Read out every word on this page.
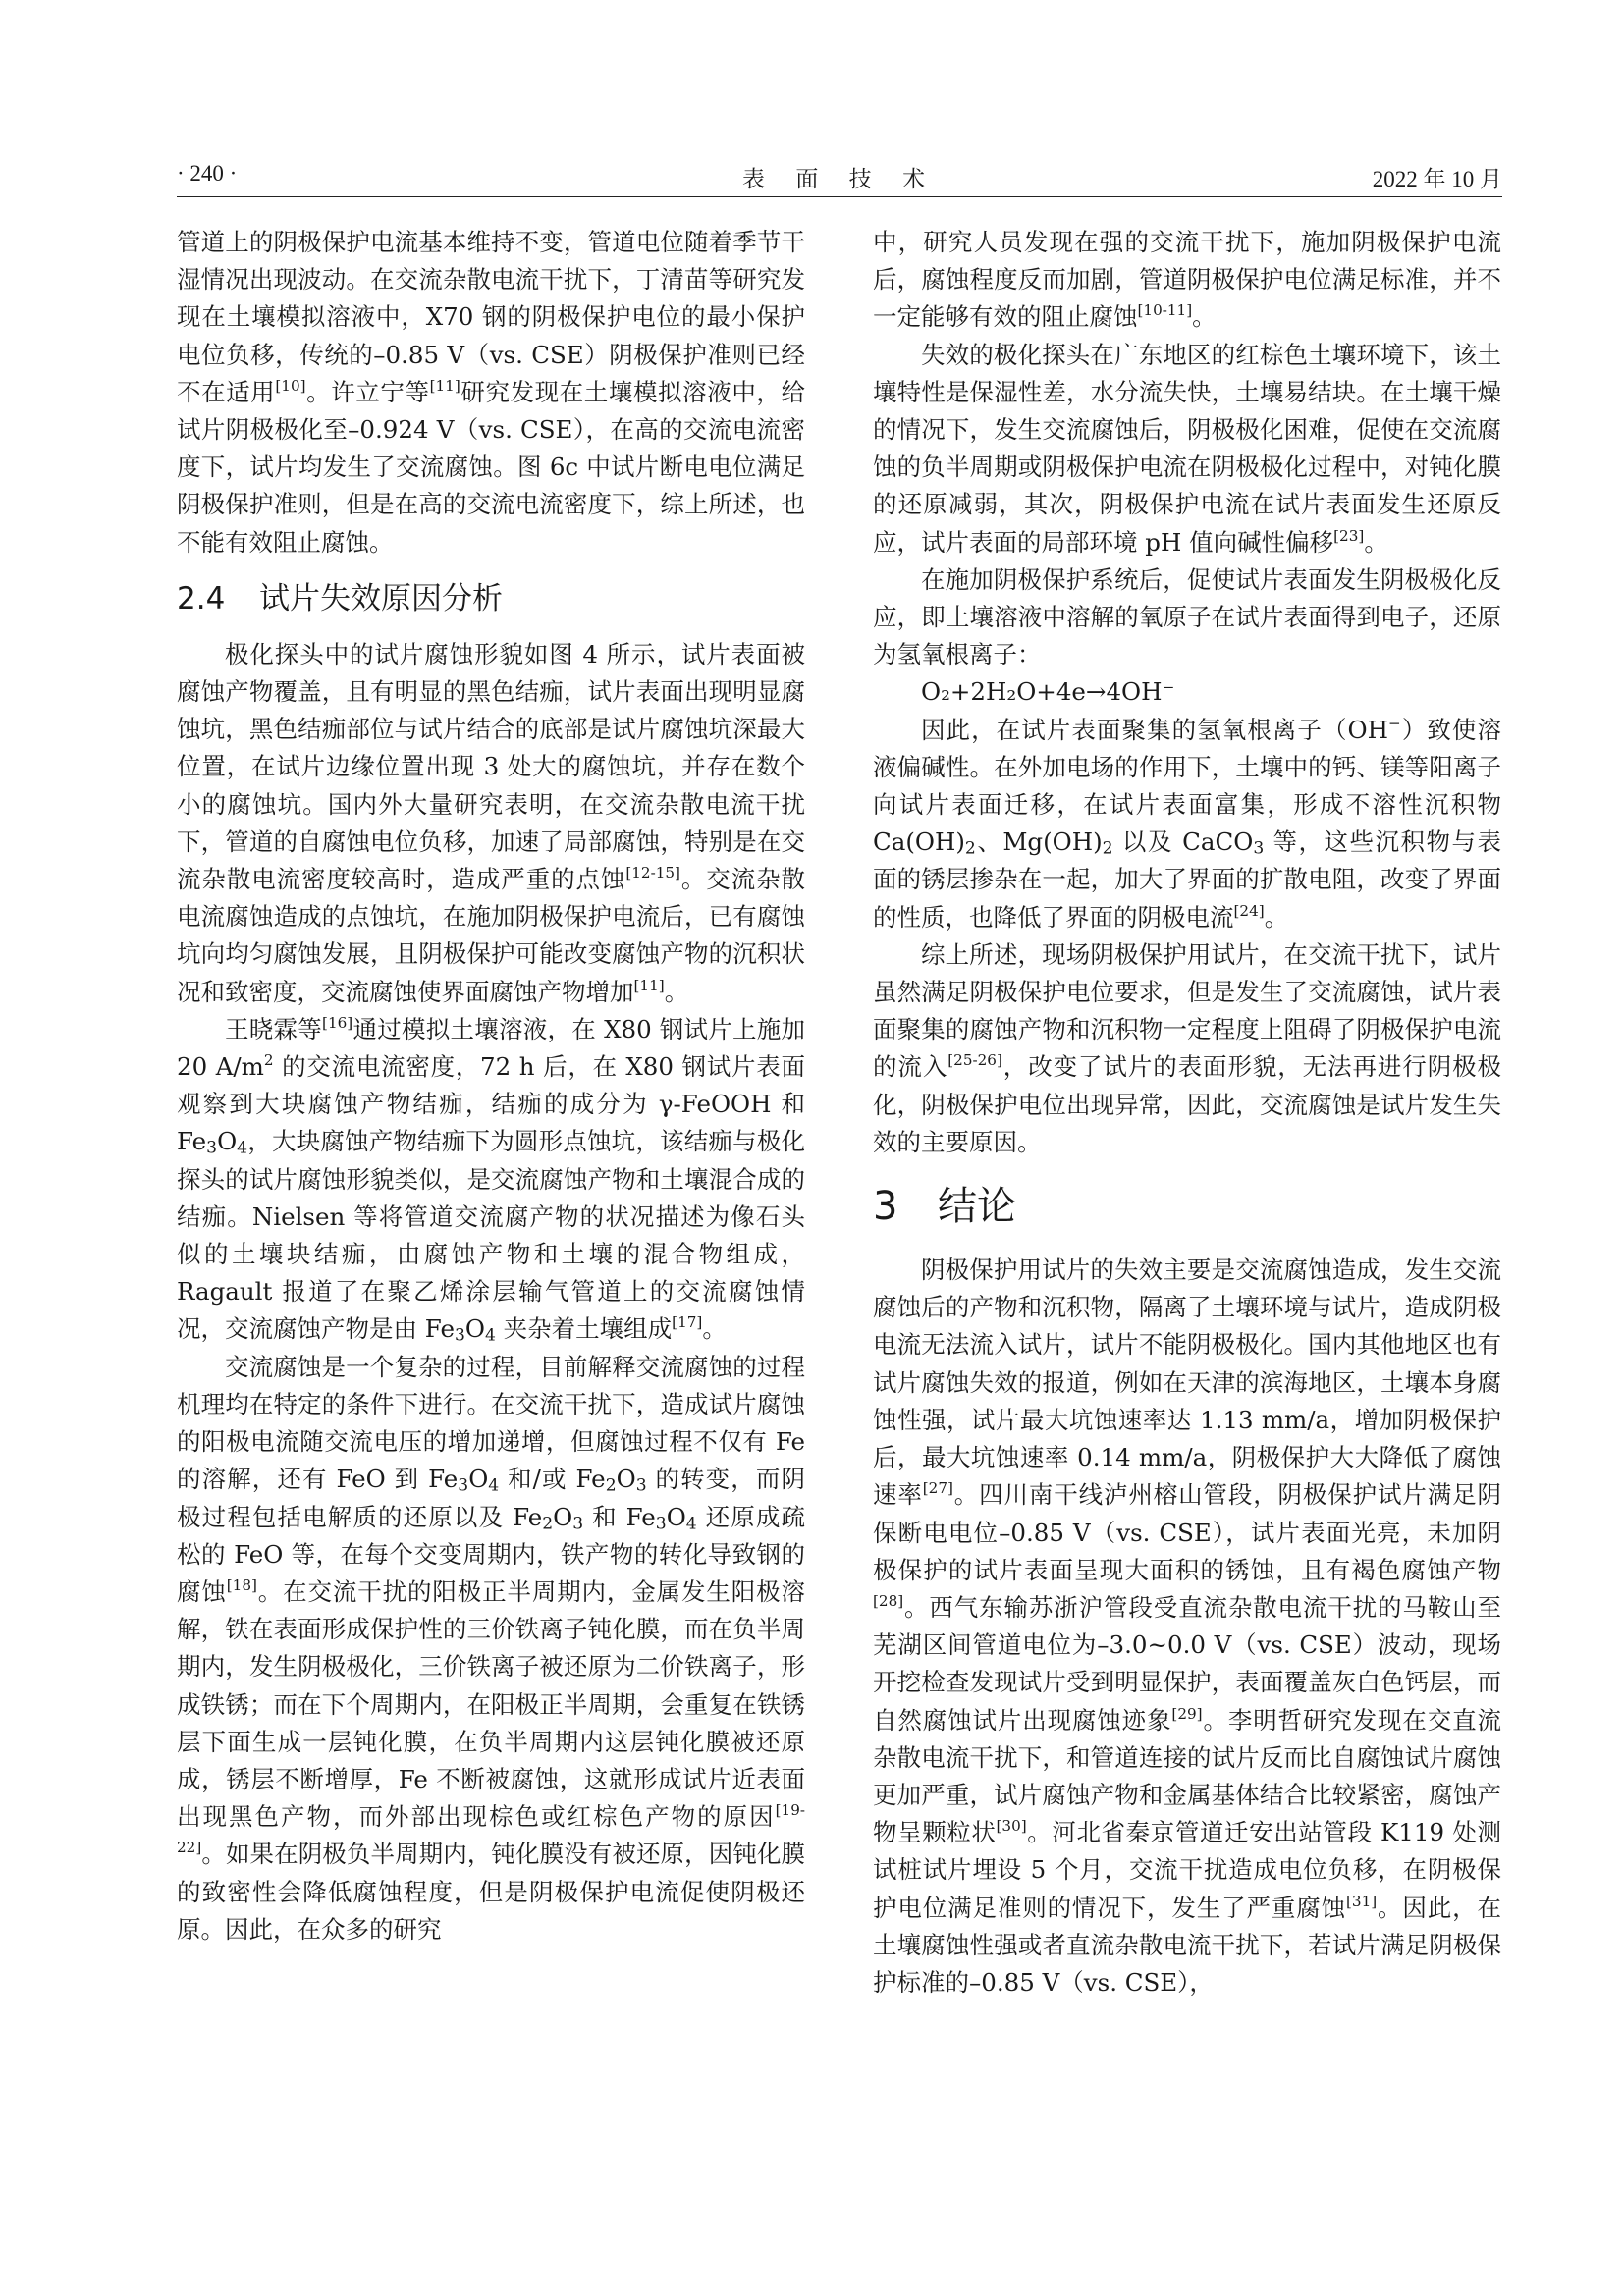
· 240 ·	表 面 技 术	2022 年 10 月

管道上的阴极保护电流基本维持不变，管道电位随着季节干湿情况出现波动。在交流杂散电流干扰下，丁清苗等研究发现在土壤模拟溶液中，X70 钢的阴极保护电位的最小保护电位负移，传统的–0.85 V（vs. CSE）阴极保护准则已经不在适用[10]。许立宁等[11]研究发现在土壤模拟溶液中，给试片阴极极化至–0.924 V（vs. CSE），在高的交流电流密度下，试片均发生了交流腐蚀。图 6c 中试片断电电位满足阴极保护准则，但是在高的交流电流密度下，综上所述，也不能有效阻止腐蚀。

2.4 试片失效原因分析

极化探头中的试片腐蚀形貌如图 4 所示，试片表面被腐蚀产物覆盖，且有明显的黑色结痂，试片表面出现明显腐蚀坑，黑色结痂部位与试片结合的底部是试片腐蚀坑深最大位置，在试片边缘位置出现 3 处大的腐蚀坑，并存在数个小的腐蚀坑。国内外大量研究表明，在交流杂散电流干扰下，管道的自腐蚀电位负移，加速了局部腐蚀，特别是在交流杂散电流密度较高时，造成严重的点蚀[12-15]。交流杂散电流腐蚀造成的点蚀坑，在施加阴极保护电流后，已有腐蚀坑向均匀腐蚀发展，且阴极保护可能改变腐蚀产物的沉积状况和致密度，交流腐蚀使界面腐蚀产物增加[11]。

王晓霖等[16]通过模拟土壤溶液，在 X80 钢试片上施加 20 $A/m^2$ 的交流电流密度，72 h 后，在 X80 钢试片表面观察到大块腐蚀产物结痂，结痂的成分为 γ-FeOOH 和 $Fe_3O_4$，大块腐蚀产物结痂下为圆形点蚀坑，该结痂与极化探头的试片腐蚀形貌类似，是交流腐蚀产物和土壤混合成的结痂。Nielsen 等将管道交流腐产物的状况描述为像石头似的土壤块结痂，由腐蚀产物和土壤的混合物组成，Ragault 报道了在聚乙烯涂层输气管道上的交流腐蚀情况，交流腐蚀产物是由 $Fe_3O_4$ 夹杂着土壤组成[17]。

交流腐蚀是一个复杂的过程，目前解释交流腐蚀的过程机理均在特定的条件下进行。在交流干扰下，造成试片腐蚀的阳极电流随交流电压的增加递增，但腐蚀过程不仅有 Fe 的溶解，还有 FeO 到 $Fe_3O_4$ 和/或 $Fe_2O_3$ 的转变，而阴极过程包括电解质的还原以及 $Fe_2O_3$ 和 $Fe_3O_4$ 还原成疏松的 FeO 等，在每个交变周期内，铁产物的转化导致钢的腐蚀[18]。在交流干扰的阳极正半周期内，金属发生阳极溶解，铁在表面形成保护性的三价铁离子钝化膜，而在负半周期内，发生阴极极化，三价铁离子被还原为二价铁离子，形成铁锈；而在下个周期内，在阳极正半周期，会重复在铁锈层下面生成一层钝化膜，在负半周期内这层钝化膜被还原成，锈层不断增厚，Fe 不断被腐蚀，这就形成试片近表面出现黑色产物，而外部出现棕色或红棕色产物的原因[19-22]。如果在阴极负半周期内，钝化膜没有被还原，因钝化膜的致密性会降低腐蚀程度，但是阴极保护电流促使阴极还原。因此，在众多的研究

中，研究人员发现在强的交流干扰下，施加阴极保护电流后，腐蚀程度反而加剧，管道阴极保护电位满足标准，并不一定能够有效的阻止腐蚀[10-11]。

失效的极化探头在广东地区的红棕色土壤环境下，该土壤特性是保湿性差，水分流失快，土壤易结块。在土壤干燥的情况下，发生交流腐蚀后，阴极极化困难，促使在交流腐蚀的负半周期或阴极保护电流在阴极极化过程中，对钝化膜的还原减弱，其次，阴极保护电流在试片表面发生还原反应，试片表面的局部环境 pH 值向碱性偏移[23]。

在施加阴极保护系统后，促使试片表面发生阴极极化反应，即土壤溶液中溶解的氧原子在试片表面得到电子，还原为氢氧根离子：

O₂+2H₂O+4e→4OH⁻

因此，在试片表面聚集的氢氧根离子（OH−）致使溶液偏碱性。在外加电场的作用下，土壤中的钙、镁等阳离子向试片表面迁移，在试片表面富集，形成不溶性沉积物 $Ca(OH)_2$、$Mg(OH)_2$ 以及 CaCO$_3$ 等，这些沉积物与表面的锈层掺杂在一起，加大了界面的扩散电阻，改变了界面的性质，也降低了界面的阴极电流[24]。

综上所述，现场阴极保护用试片，在交流干扰下，试片虽然满足阴极保护电位要求，但是发生了交流腐蚀，试片表面聚集的腐蚀产物和沉积物一定程度上阻碍了阴极保护电流的流入[25-26]，改变了试片的表面形貌，无法再进行阴极极化，阴极保护电位出现异常，因此，交流腐蚀是试片发生失效的主要原因。

3 结论

阴极保护用试片的失效主要是交流腐蚀造成，发生交流腐蚀后的产物和沉积物，隔离了土壤环境与试片，造成阴极电流无法流入试片，试片不能阴极极化。国内其他地区也有试片腐蚀失效的报道，例如在天津的滨海地区，土壤本身腐蚀性强，试片最大坑蚀速率达 1.13 mm/a，增加阴极保护后，最大坑蚀速率 0.14 mm/a，阴极保护大大降低了腐蚀速率[27]。四川南干线泸州榕山管段，阴极保护试片满足阴保断电电位–0.85 V（vs. CSE），试片表面光亮，未加阴极保护的试片表面呈现大面积的锈蚀，且有褐色腐蚀产物[28]。西气东输苏浙沪管段受直流杂散电流干扰的马鞍山至芜湖区间管道电位为–3.0~0.0 V（vs. CSE）波动，现场开挖检查发现试片受到明显保护，表面覆盖灰白色钙层，而自然腐蚀试片出现腐蚀迹象[29]。李明哲研究发现在交直流杂散电流干扰下，和管道连接的试片反而比自腐蚀试片腐蚀更加严重，试片腐蚀产物和金属基体结合比较紧密，腐蚀产物呈颗粒状[30]。河北省秦京管道迁安出站管段 K119 处测试桩试片埋设 5 个月，交流干扰造成电位负移，在阴极保护电位满足准则的情况下，发生了严重腐蚀[31]。因此，在土壤腐蚀性强或者直流杂散电流干扰下，若试片满足阴极保护标准的–0.85 V（vs. CSE），
